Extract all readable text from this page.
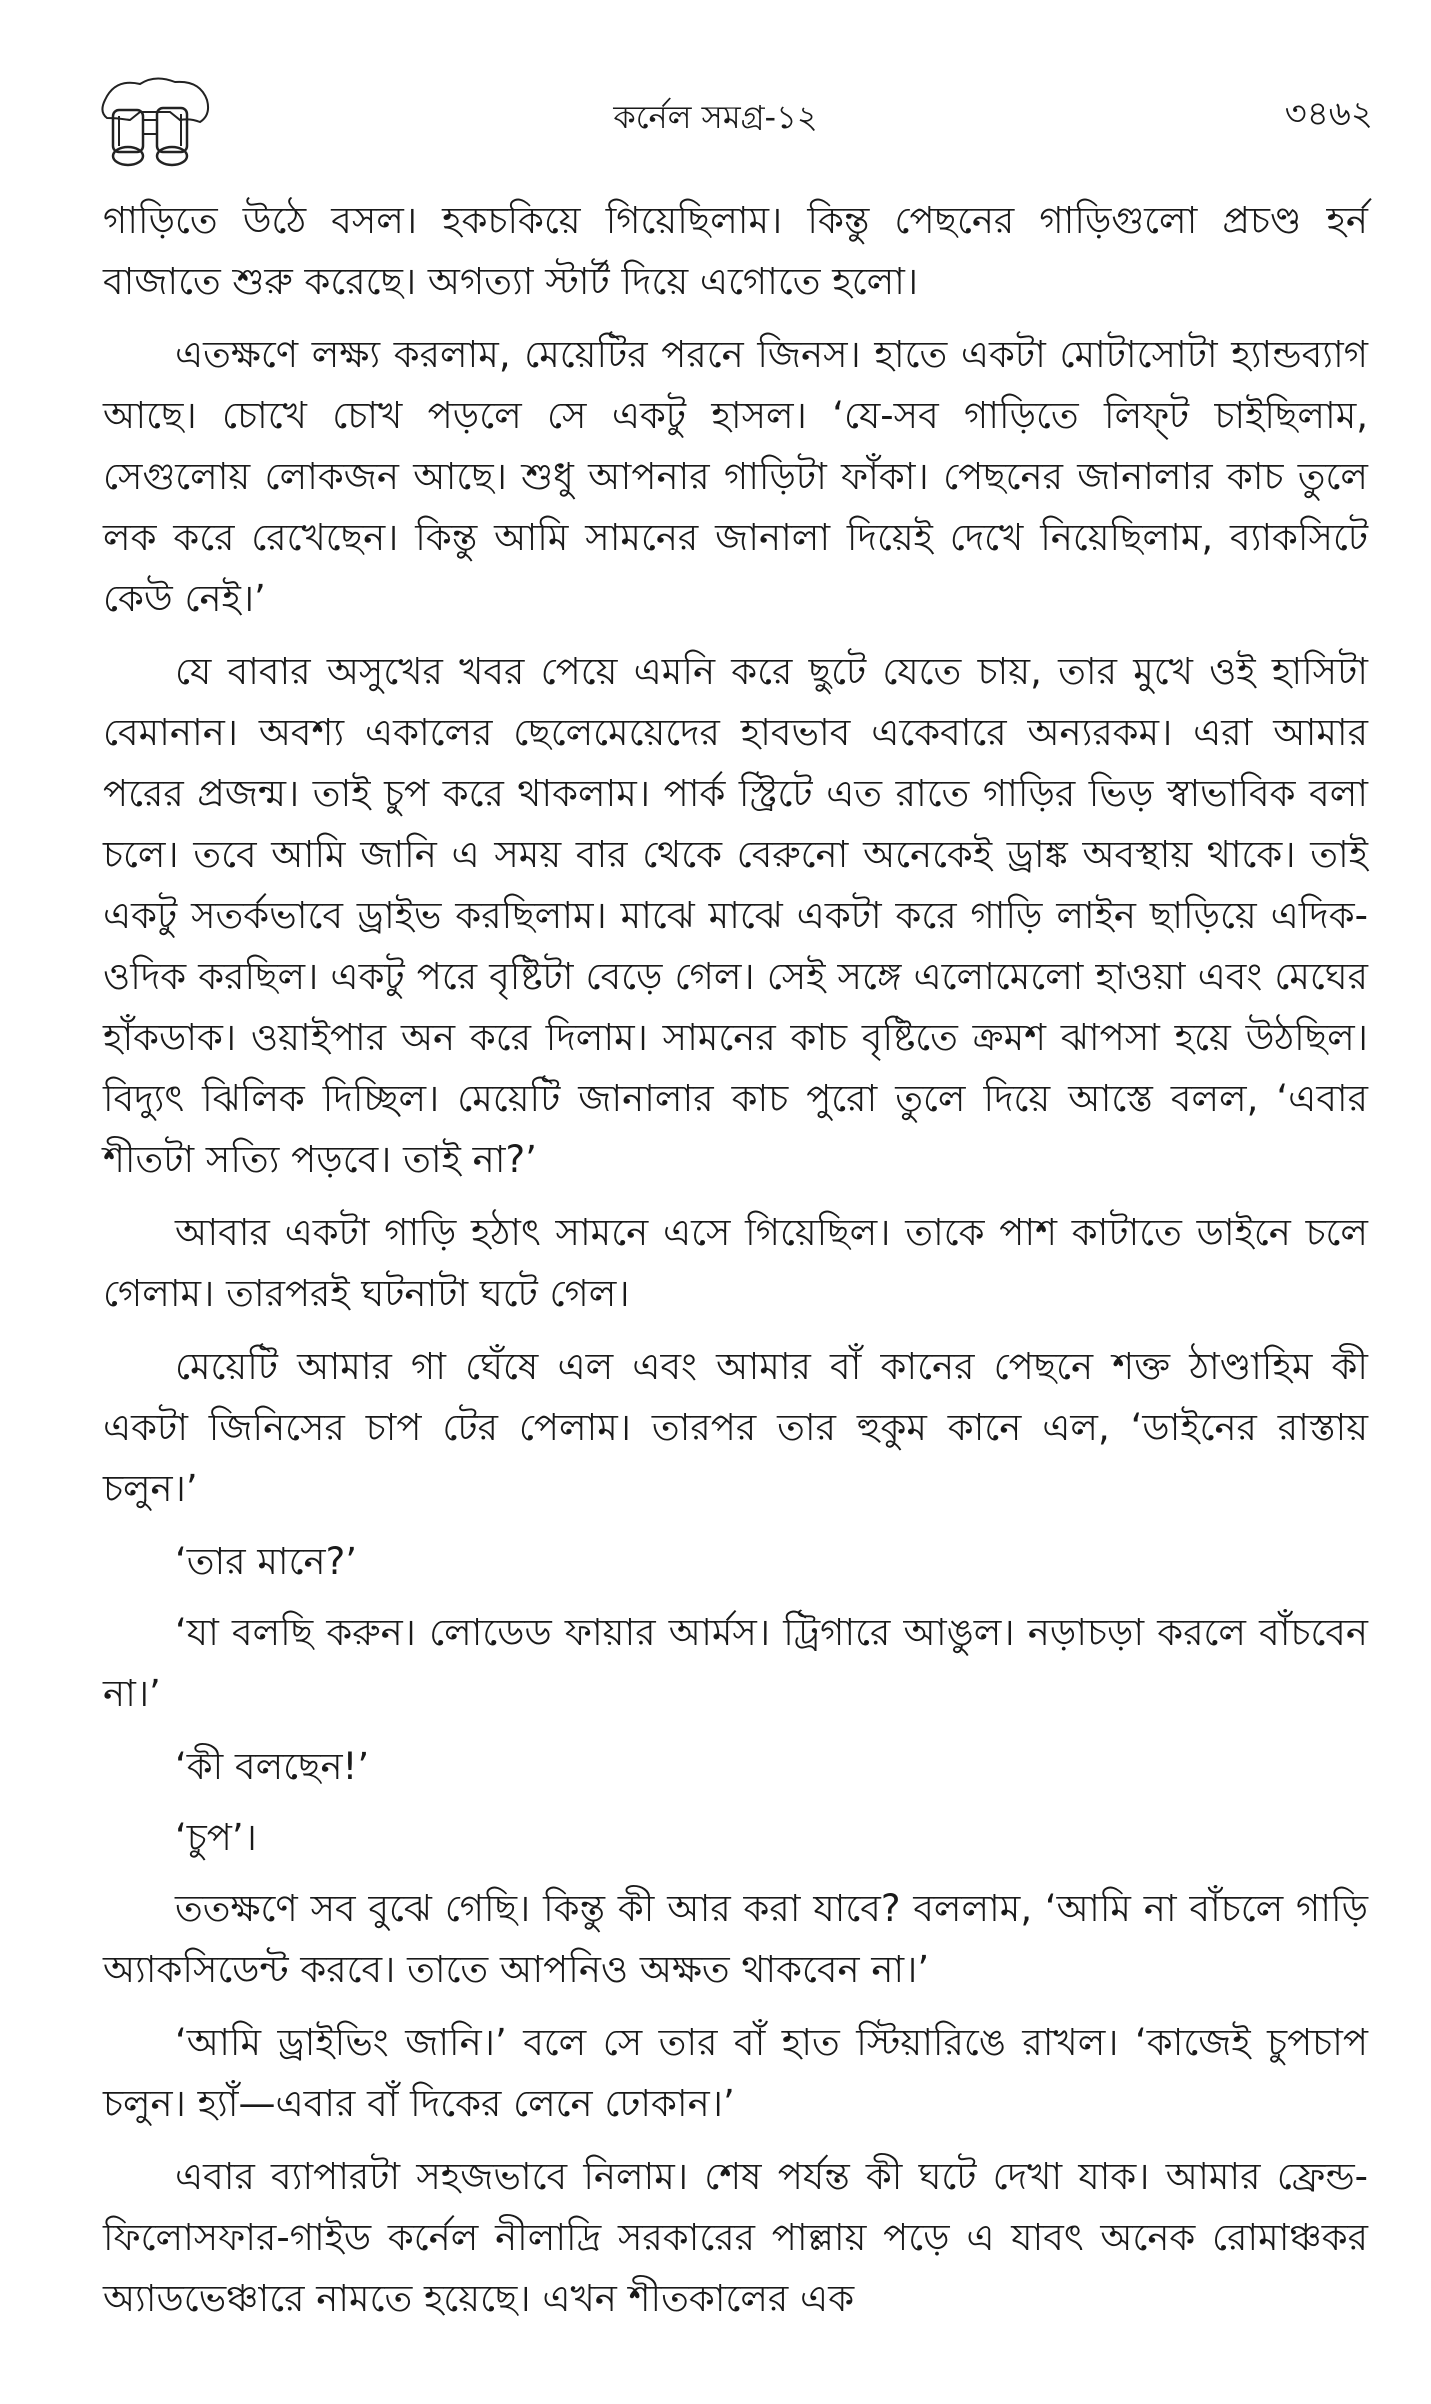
কর্নেল সমগ্র-১২	৩৪৬২

গাড়িতে উঠে বসল। হকচকিয়ে গিয়েছিলাম। কিন্তু পেছনের গাড়িগুলো প্রচণ্ড হর্ন বাজাতে শুরু করেছে। অগত্যা স্টার্ট দিয়ে এগোতে হলো।

এতক্ষণে লক্ষ্য করলাম, মেয়েটির পরনে জিনস। হাতে একটা মোটাসোটা হ্যান্ডব্যাগ আছে। চোখে চোখ পড়লে সে একটু হাসল। ‘যে-সব গাড়িতে লিফ্‌ট চাইছিলাম, সেগুলোয় লোকজন আছে। শুধু আপনার গাড়িটা ফাঁকা। পেছনের জানালার কাচ তুলে লক করে রেখেছেন। কিন্তু আমি সামনের জানালা দিয়েই দেখে নিয়েছিলাম, ব্যাকসিটে কেউ নেই।’

যে বাবার অসুখের খবর পেয়ে এমনি করে ছুটে যেতে চায়, তার মুখে ওই হাসিটা বেমানান। অবশ্য একালের ছেলেমেয়েদের হাবভাব একেবারে অন্যরকম। এরা আমার পরের প্রজন্ম। তাই চুপ করে থাকলাম। পার্ক স্ট্রিটে এত রাতে গাড়ির ভিড় স্বাভাবিক বলা চলে। তবে আমি জানি এ সময় বার থেকে বেরুনো অনেকেই ড্রাঙ্ক অবস্থায় থাকে। তাই একটু সতর্কভাবে ড্রাইভ করছিলাম। মাঝে মাঝে একটা করে গাড়ি লাইন ছাড়িয়ে এদিক-ওদিক করছিল। একটু পরে বৃষ্টিটা বেড়ে গেল। সেই সঙ্গে এলোমেলো হাওয়া এবং মেঘের হাঁকডাক। ওয়াইপার অন করে দিলাম। সামনের কাচ বৃষ্টিতে ক্রমশ ঝাপসা হয়ে উঠছিল। বিদ্যুৎ ঝিলিক দিচ্ছিল। মেয়েটি জানালার কাচ পুরো তুলে দিয়ে আস্তে বলল, ‘এবার শীতটা সত্যি পড়বে। তাই না?’

আবার একটা গাড়ি হঠাৎ সামনে এসে গিয়েছিল। তাকে পাশ কাটাতে ডাইনে চলে গেলাম। তারপরই ঘটনাটা ঘটে গেল।

মেয়েটি আমার গা ঘেঁষে এল এবং আমার বাঁ কানের পেছনে শক্ত ঠাণ্ডাহিম কী একটা জিনিসের চাপ টের পেলাম। তারপর তার হুকুম কানে এল, ‘ডাইনের রাস্তায় চলুন।’

‘তার মানে?’

‘যা বলছি করুন। লোডেড ফায়ার আর্মস। ট্রিগারে আঙুল। নড়াচড়া করলে বাঁচবেন না।’

‘কী বলছেন!’

‘চুপ’।

ততক্ষণে সব বুঝে গেছি। কিন্তু কী আর করা যাবে? বললাম, ‘আমি না বাঁচলে গাড়ি অ্যাকসিডেন্ট করবে। তাতে আপনিও অক্ষত থাকবেন না।’

‘আমি ড্রাইভিং জানি।’ বলে সে তার বাঁ হাত স্টিয়ারিঙে রাখল। ‘কাজেই চুপচাপ চলুন। হ্যাঁ—এবার বাঁ দিকের লেনে ঢোকান।’

এবার ব্যাপারটা সহজভাবে নিলাম। শেষ পর্যন্ত কী ঘটে দেখা যাক। আমার ফ্রেন্ড-ফিলোসফার-গাইড কর্নেল নীলাদ্রি সরকারের পাল্লায় পড়ে এ যাবৎ অনেক রোমাঞ্চকর অ্যাডভেঞ্চারে নামতে হয়েছে। এখন শীতকালের এক
